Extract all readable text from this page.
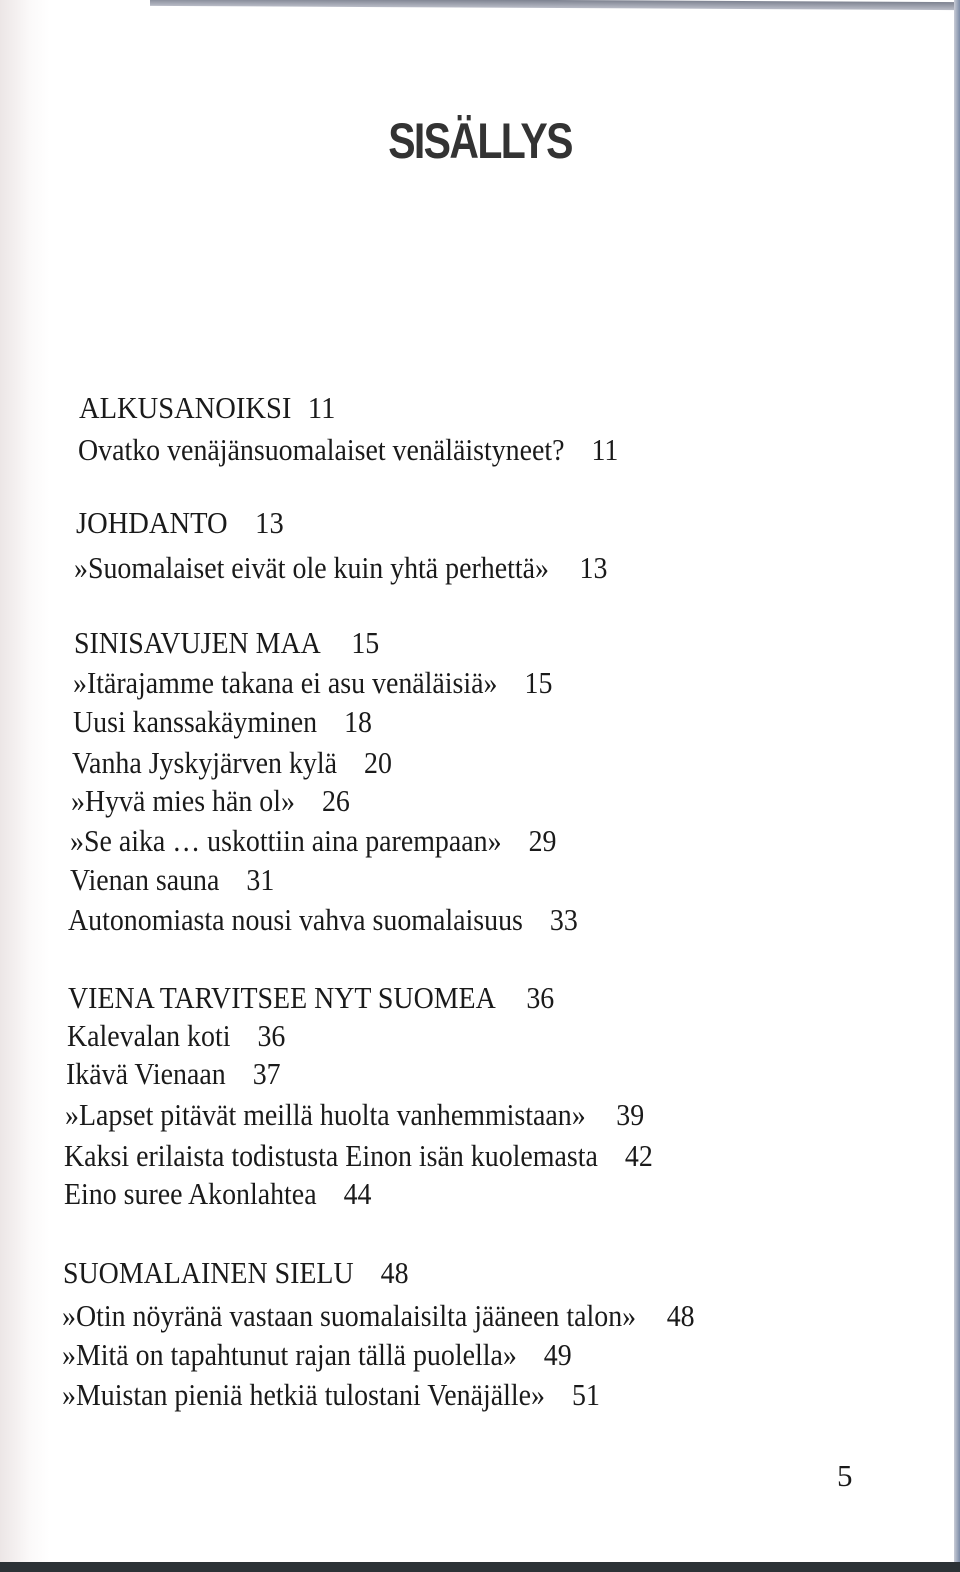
SISÄLLYS
ALKUSANOIKSI 11
Ovatko venäjänsuomalaiset venäläistyneet? 11
JOHDANTO 13
»Suomalaiset eivät ole kuin yhtä perhettä» 13
SINISAVUJEN MAA 15
»Itärajamme takana ei asu venäläisiä» 15
Uusi kanssakäyminen 18
Vanha Jyskyjärven kylä 20
»Hyvä mies hän ol» 26
»Se aika … uskottiin aina parempaan» 29
Vienan sauna 31
Autonomiasta nousi vahva suomalaisuus 33
VIENA TARVITSEE NYT SUOMEA 36
Kalevalan koti 36
Ikävä Vienaan 37
»Lapset pitävät meillä huolta vanhemmistaan» 39
Kaksi erilaista todistusta Einon isän kuolemasta 42
Eino suree Akonlahtea 44
SUOMALAINEN SIELU 48
»Otin nöyränä vastaan suomalaisilta jääneen talon» 48
»Mitä on tapahtunut rajan tällä puolella» 49
»Muistan pieniä hetkiä tulostani Venäjälle» 51
5
